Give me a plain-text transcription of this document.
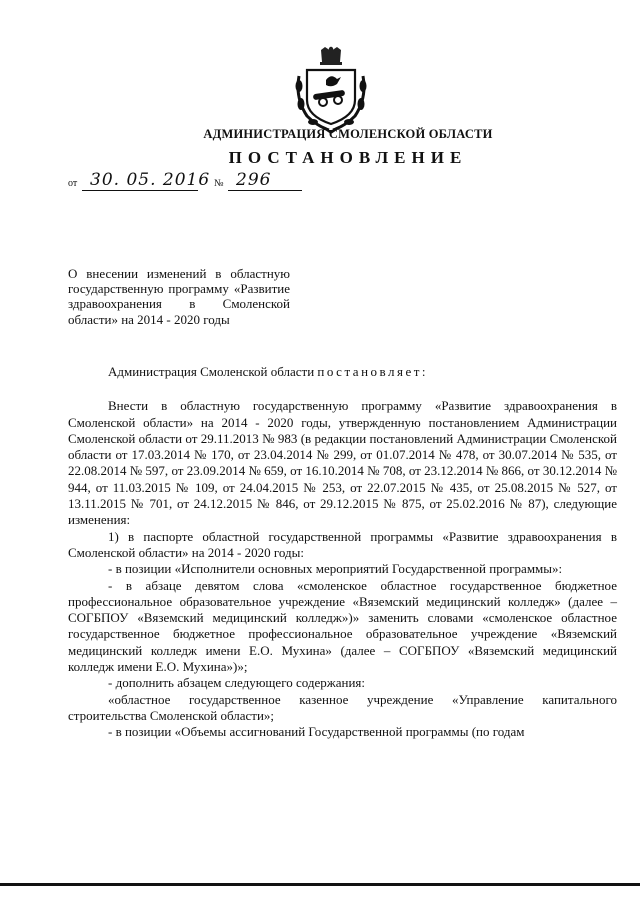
АДМИНИСТРАЦИЯ СМОЛЕНСКОЙ ОБЛАСТИ
ПОСТАНОВЛЕНИЕ
от 30. 05. 2016 № 296
О внесении изменений в областную государственную программу «Развитие здравоохранения в Смоленской области» на 2014 - 2020 годы

Администрация Смоленской области постановляет:

Внести в областную государственную программу «Развитие здравоохранения в Смоленской области» на 2014 - 2020 годы, утвержденную постановлением Администрации Смоленской области от 29.11.2013 № 983 (в редакции постановлений Администрации Смоленской области от 17.03.2014 № 170, от 23.04.2014 № 299, от 01.07.2014 № 478, от 30.07.2014 № 535, от 22.08.2014 № 597, от 23.09.2014 № 659, от 16.10.2014 № 708, от 23.12.2014 № 866, от 30.12.2014 № 944, от 11.03.2015 № 109, от 24.04.2015 № 253, от 22.07.2015 № 435, от 25.08.2015 № 527, от 13.11.2015 № 701, от 24.12.2015 № 846, от 29.12.2015 № 875, от 25.02.2016 № 87), следующие изменения:

1) в паспорте областной государственной программы «Развитие здравоохранения в Смоленской области» на 2014 - 2020 годы:

- в позиции «Исполнители основных мероприятий Государственной программы»:

- в абзаце девятом слова «смоленское областное государственное бюджетное профессиональное образовательное учреждение «Вяземский медицинский колледж» (далее – СОГБПОУ «Вяземский медицинский колледж»)» заменить словами «смоленское областное государственное бюджетное профессиональное образовательное учреждение «Вяземский медицинский колледж имени Е.О. Мухина» (далее – СОГБПОУ «Вяземский медицинский колледж имени Е.О. Мухина»)»;

- дополнить абзацем следующего содержания:

«областное государственное казенное учреждение «Управление капитального строительства Смоленской области»;

- в позиции «Объемы ассигнований Государственной программы (по годам
